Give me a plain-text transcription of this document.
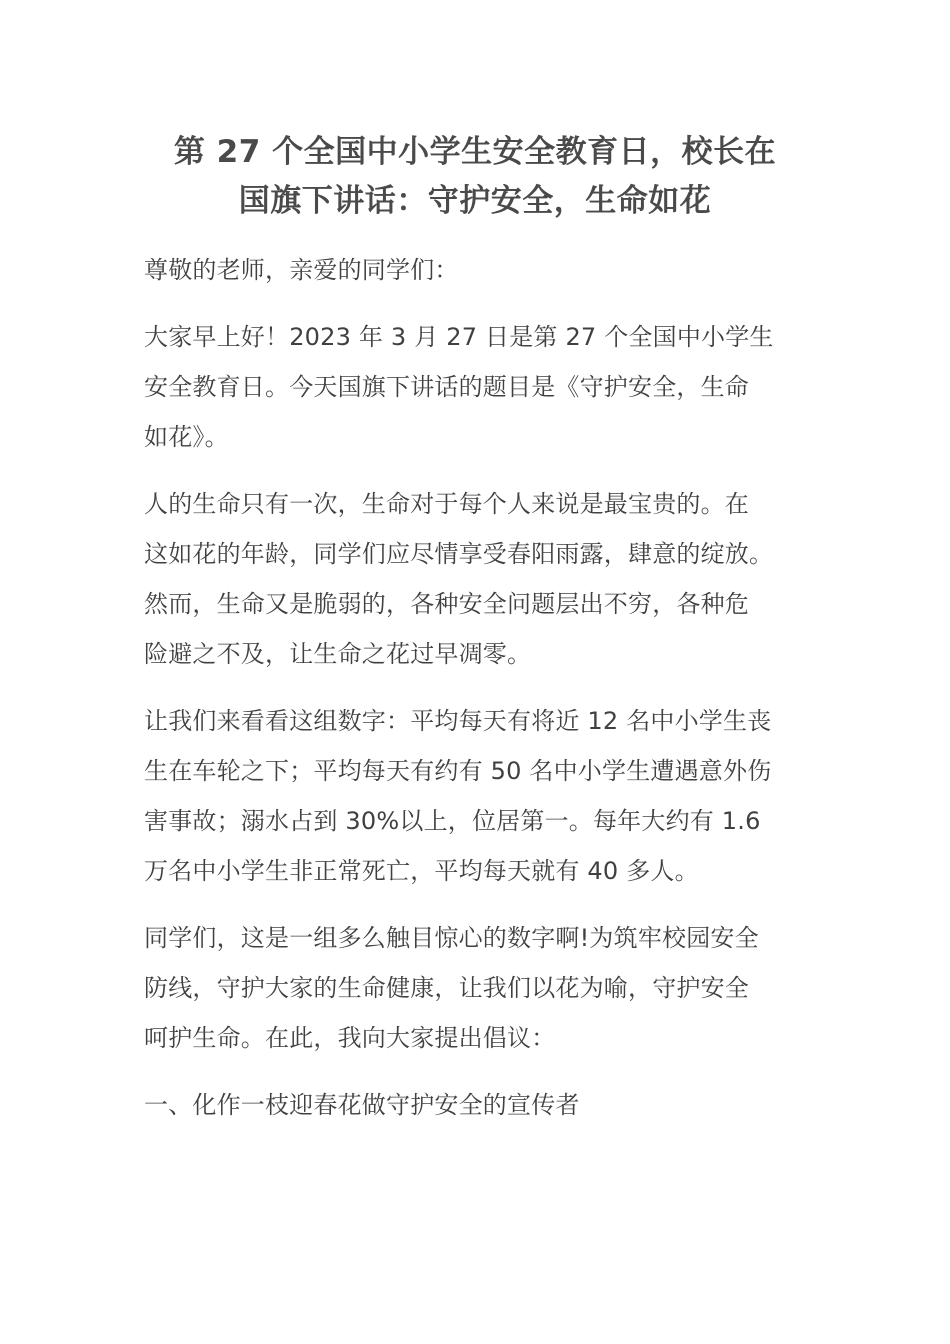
第 27 个全国中小学生安全教育日，校长在
国旗下讲话：守护安全，生命如花

尊敬的老师，亲爱的同学们：

大家早上好！2023 年 3 月 27 日是第 27 个全国中小学生
安全教育日。今天国旗下讲话的题目是《守护安全，生命
如花》。

人的生命只有一次，生命对于每个人来说是最宝贵的。在
这如花的年龄，同学们应尽情享受春阳雨露，肆意的绽放。
然而，生命又是脆弱的，各种安全问题层出不穷，各种危
险避之不及，让生命之花过早凋零。

让我们来看看这组数字：平均每天有将近 12 名中小学生丧
生在车轮之下；平均每天有约有 50 名中小学生遭遇意外伤
害事故；溺水占到 30%以上，位居第一。每年大约有 1.6
万名中小学生非正常死亡，平均每天就有 40 多人。

同学们，这是一组多么触目惊心的数字啊!为筑牢校园安全
防线，守护大家的生命健康，让我们以花为喻，守护安全
呵护生命。在此，我向大家提出倡议：

一、化作一枝迎春花做守护安全的宣传者
